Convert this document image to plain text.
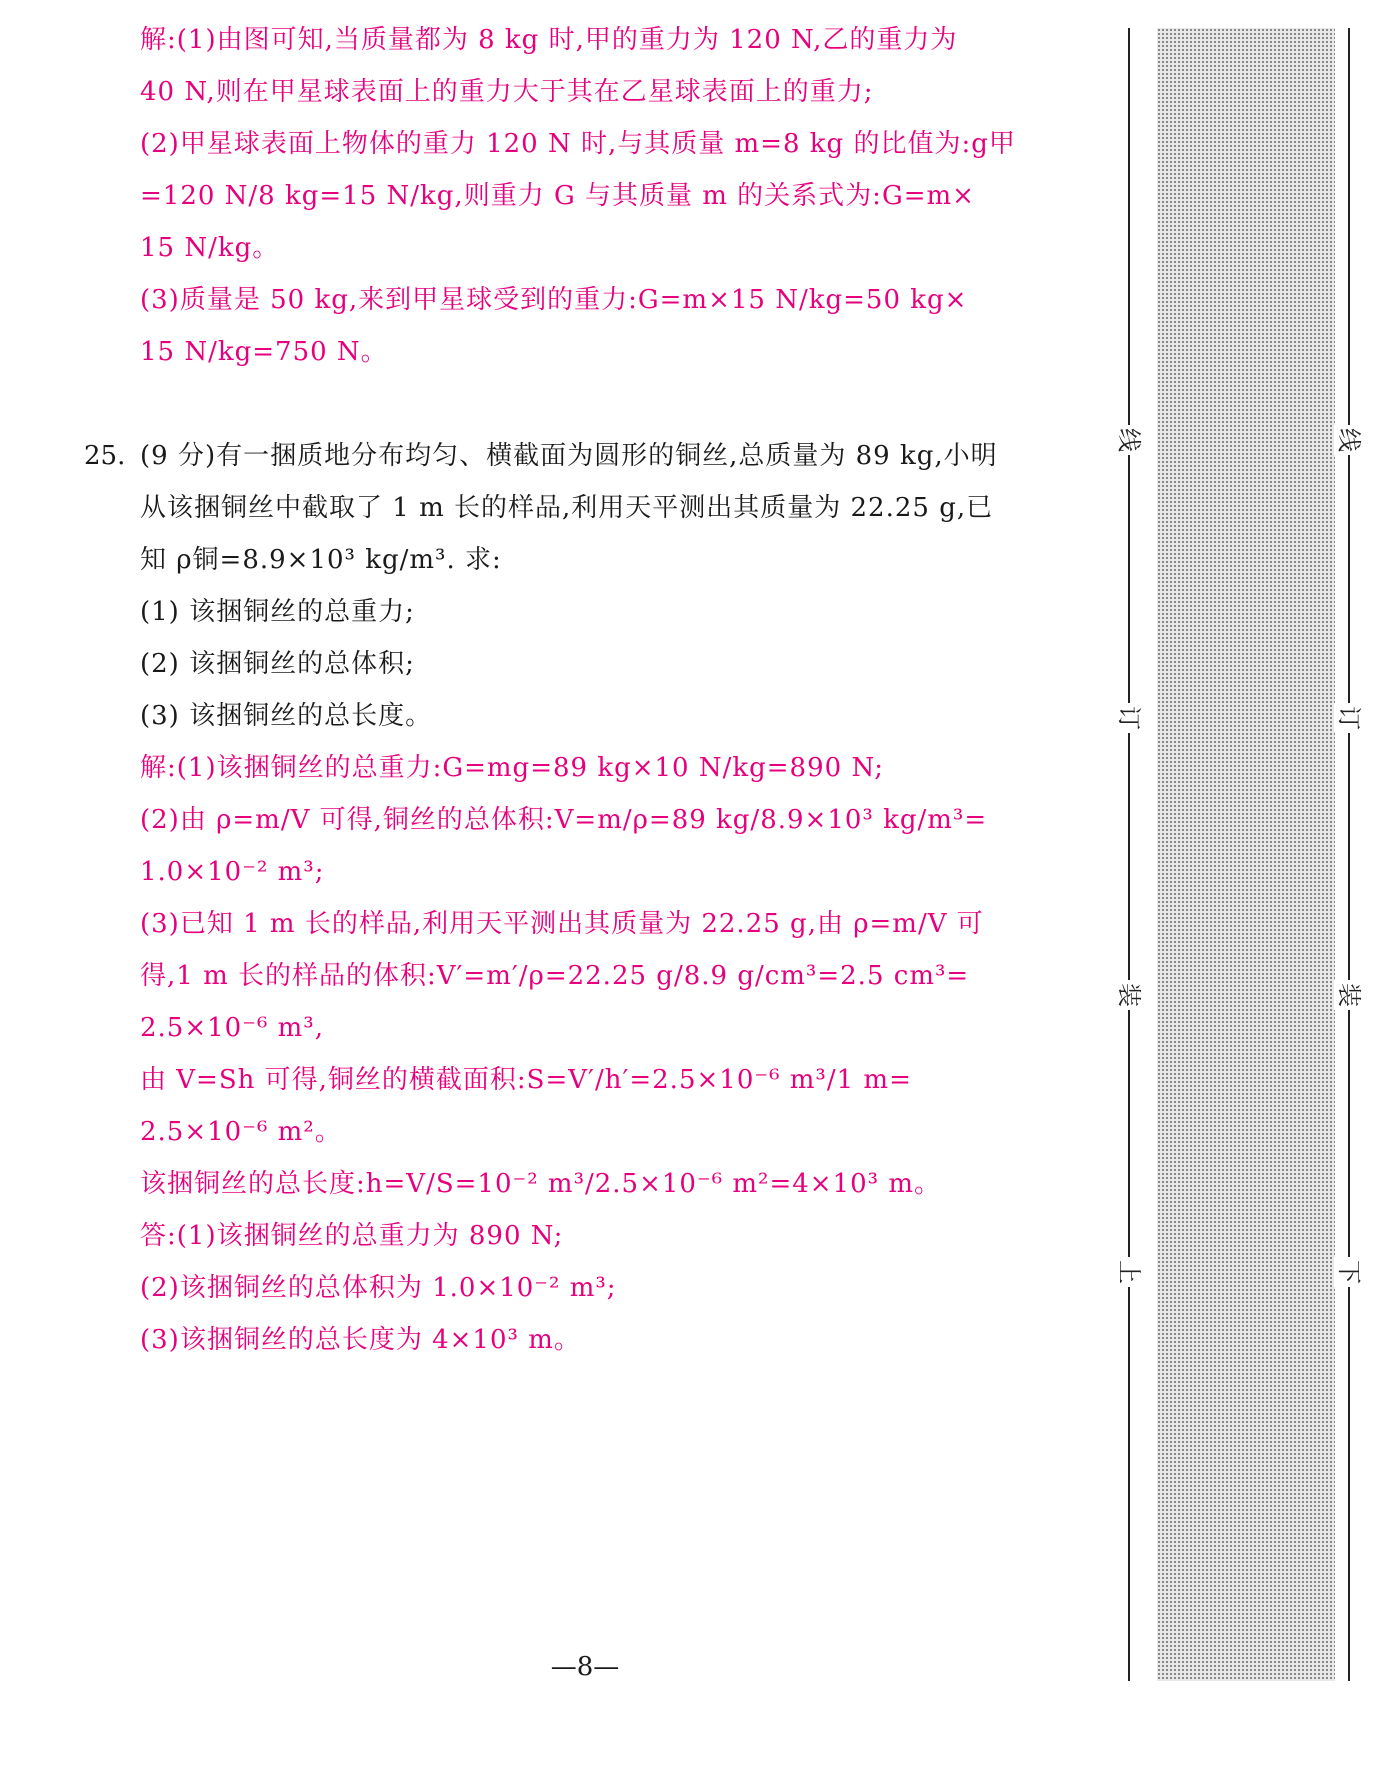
解:(1)由图可知,当质量都为 8 kg 时,甲的重力为 120 N,乙的重力为
40 N,则在甲星球表面上的重力大于其在乙星球表面上的重力;
(2)甲星球表面上物体的重力 120 N 时,与其质量 m=8 kg 的比值为:g甲
=120 N/8 kg=15 N/kg,则重力 G 与其质量 m 的关系式为:G=m×
15 N/kg。
(3)质量是 50 kg,来到甲星球受到的重力:G=m×15 N/kg=50 kg×
15 N/kg=750 N。
25. (9 分)有一捆质地分布均匀、横截面为圆形的铜丝,总质量为 89 kg,小明
从该捆铜丝中截取了 1 m 长的样品,利用天平测出其质量为 22.25 g,已
知 ρ铜=8.9×10³ kg/m³. 求:
(1) 该捆铜丝的总重力;
(2) 该捆铜丝的总体积;
(3) 该捆铜丝的总长度。
解:(1)该捆铜丝的总重力:G=mg=89 kg×10 N/kg=890 N;
(2)由 ρ=m/V 可得,铜丝的总体积:V=m/ρ=89 kg/8.9×10³ kg/m³=
1.0×10⁻² m³;
(3)已知 1 m 长的样品,利用天平测出其质量为 22.25 g,由 ρ=m/V 可
得,1 m 长的样品的体积:V′=m′/ρ=22.25 g/8.9 g/cm³=2.5 cm³=
2.5×10⁻⁶ m³,
由 V=Sh 可得,铜丝的横截面积:S=V′/h′=2.5×10⁻⁶ m³/1 m=
2.5×10⁻⁶ m²。
该捆铜丝的总长度:h=V/S=10⁻² m³/2.5×10⁻⁶ m²=4×10³ m。
答:(1)该捆铜丝的总重力为 890 N;
(2)该捆铜丝的总体积为 1.0×10⁻² m³;
(3)该捆铜丝的总长度为 4×10³ m。
—8—
线
订
装
上
线
订
装
下
